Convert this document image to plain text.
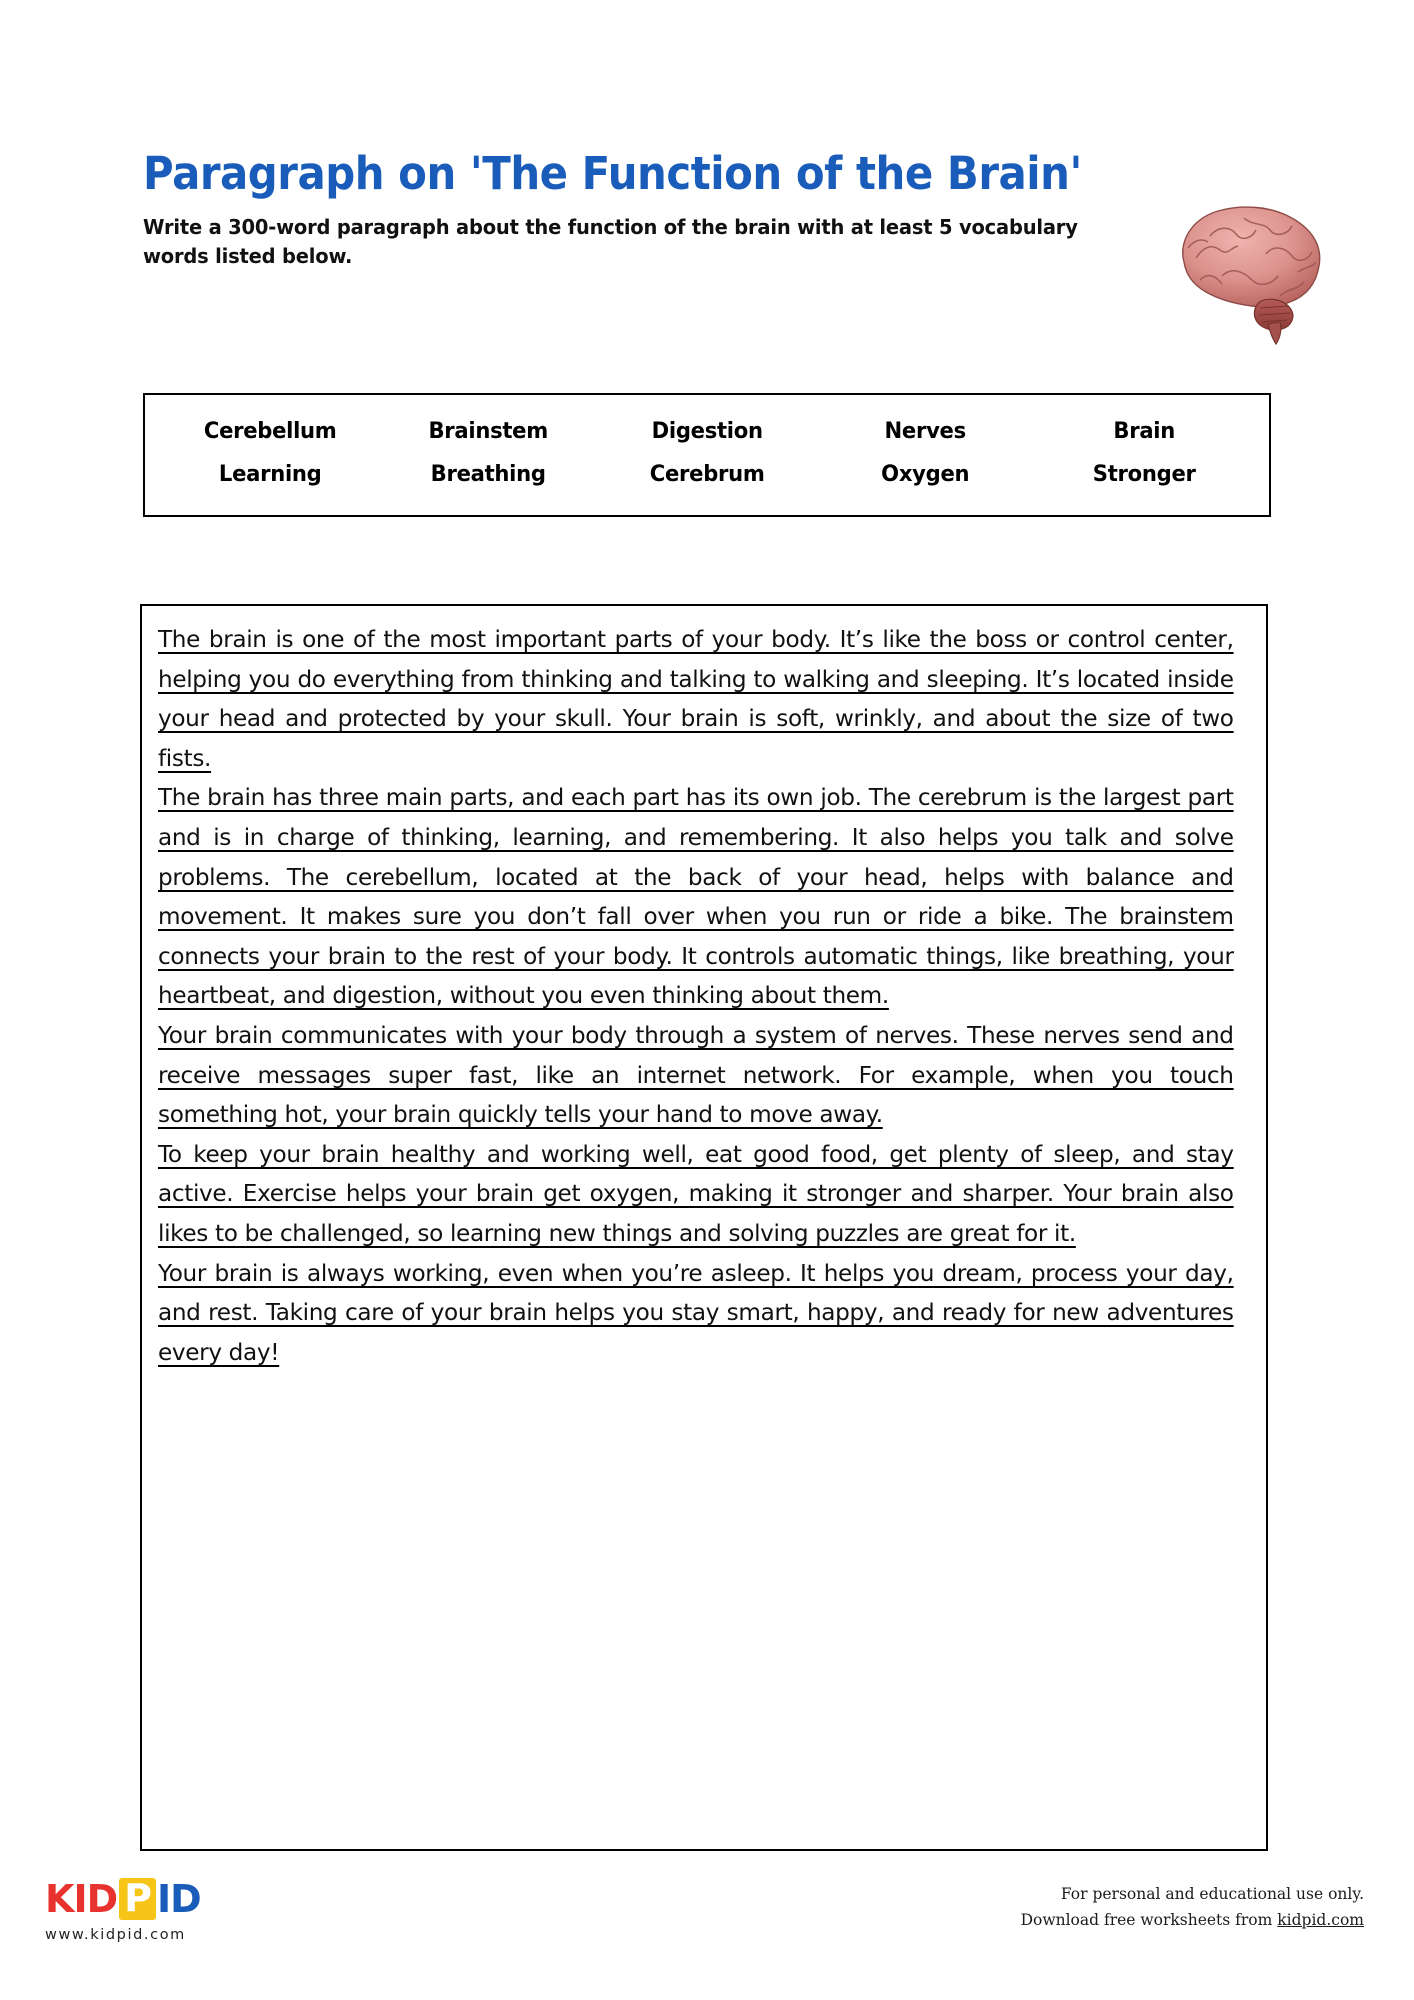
Paragraph on 'The Function of the Brain'
Write a 300-word paragraph about the function of the brain with at least 5 vocabulary words listed below.
Cerebellum	Brainstem	Digestion	Nerves	Brain
Learning	Breathing	Cerebrum	Oxygen	Stronger
The brain is one of the most important parts of your body. It’s like the boss or control center, helping you do everything from thinking and talking to walking and sleeping. It’s located inside your head and protected by your skull. Your brain is soft, wrinkly, and about the size of two fists.
The brain has three main parts, and each part has its own job. The cerebrum is the largest part and is in charge of thinking, learning, and remembering. It also helps you talk and solve problems. The cerebellum, located at the back of your head, helps with balance and movement. It makes sure you don’t fall over when you run or ride a bike. The brainstem connects your brain to the rest of your body. It controls automatic things, like breathing, your heartbeat, and digestion, without you even thinking about them.
Your brain communicates with your body through a system of nerves. These nerves send and receive messages super fast, like an internet network. For example, when you touch something hot, your brain quickly tells your hand to move away.
To keep your brain healthy and working well, eat good food, get plenty of sleep, and stay active. Exercise helps your brain get oxygen, making it stronger and sharper. Your brain also likes to be challenged, so learning new things and solving puzzles are great for it.
Your brain is always working, even when you’re asleep. It helps you dream, process your day, and rest. Taking care of your brain helps you stay smart, happy, and ready for new adventures every day!
KID P ID
www.kidpid.com
For personal and educational use only.
Download free worksheets from kidpid.com
